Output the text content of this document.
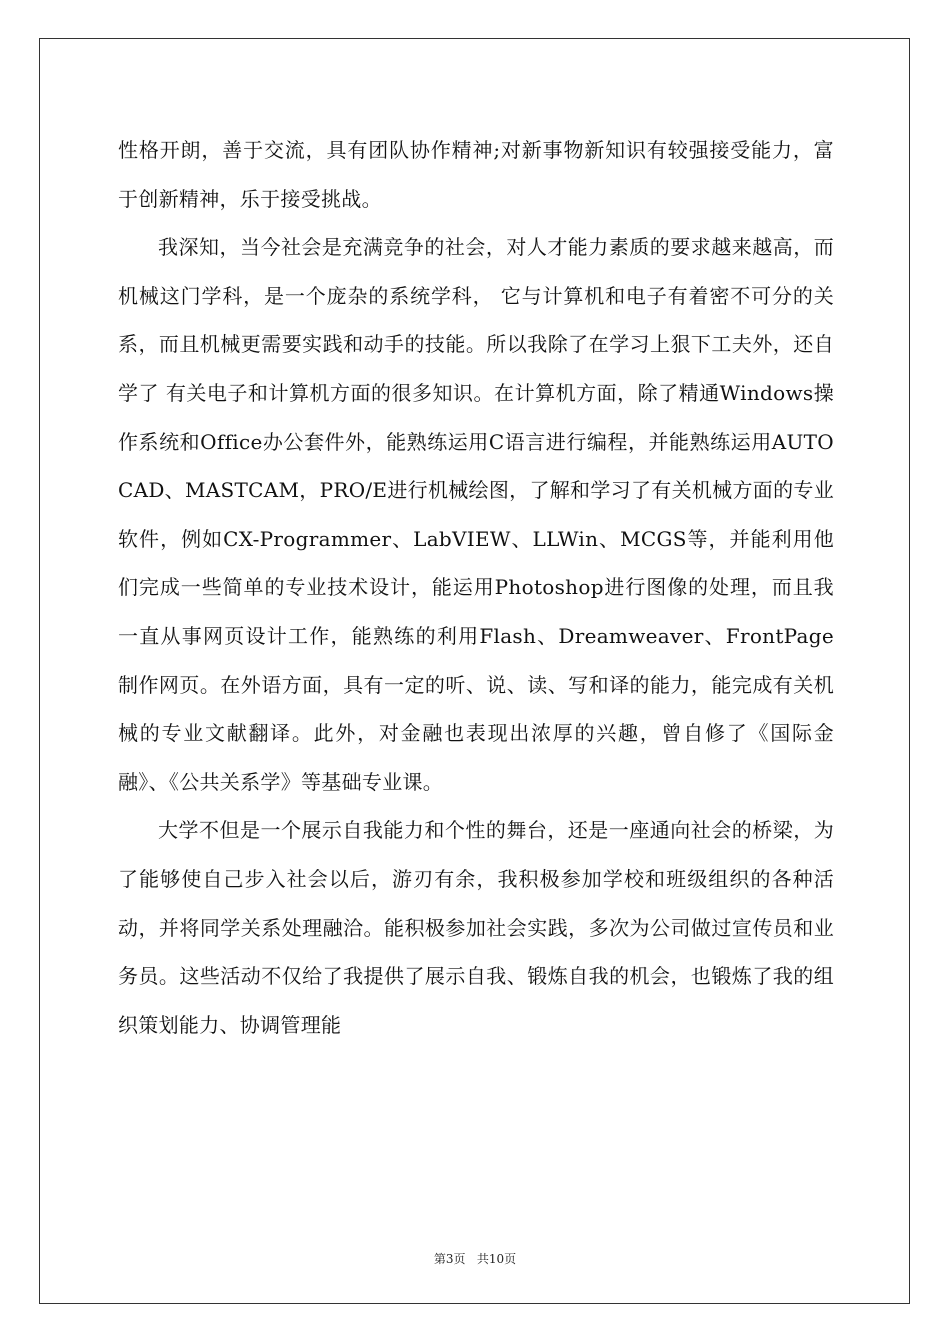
性格开朗，善于交流，具有团队协作精神;对新事物新知识有较强接受能力，富于创新精神，乐于接受挑战。

我深知，当今社会是充满竞争的社会，对人才能力素质的要求越来越高，而机械这门学科，是一个庞杂的系统学科， 它与计算机和电子有着密不可分的关系，而且机械更需要实践和动手的技能。所以我除了在学习上狠下工夫外，还自学了 有关电子和计算机方面的很多知识。在计算机方面，除了精通Windows操作系统和Office办公套件外，能熟练运用C语言进行编程，并能熟练运用AUTOCAD、MASTCAM，PRO/E进行机械绘图，了解和学习了有关机械方面的专业软件，例如CX-Programmer、LabVIEW、LLWin、MCGS等，并能利用他们完成一些简单的专业技术设计，能运用Photoshop进行图像的处理，而且我一直从事网页设计工作，能熟练的利用Flash、Dreamweaver、FrontPage制作网页。在外语方面，具有一定的听、说、读、写和译的能力，能完成有关机械的专业文献翻译。此外，对金融也表现出浓厚的兴趣，曾自修了《国际金融》、《公共关系学》等基础专业课。

大学不但是一个展示自我能力和个性的舞台，还是一座通向社会的桥梁，为了能够使自己步入社会以后，游刃有余，我积极参加学校和班级组织的各种活动，并将同学关系处理融洽。能积极参加社会实践，多次为公司做过宣传员和业务员。这些活动不仅给了我提供了展示自我、锻炼自我的机会，也锻炼了我的组织策划能力、协调管理能

第3页   共10页
